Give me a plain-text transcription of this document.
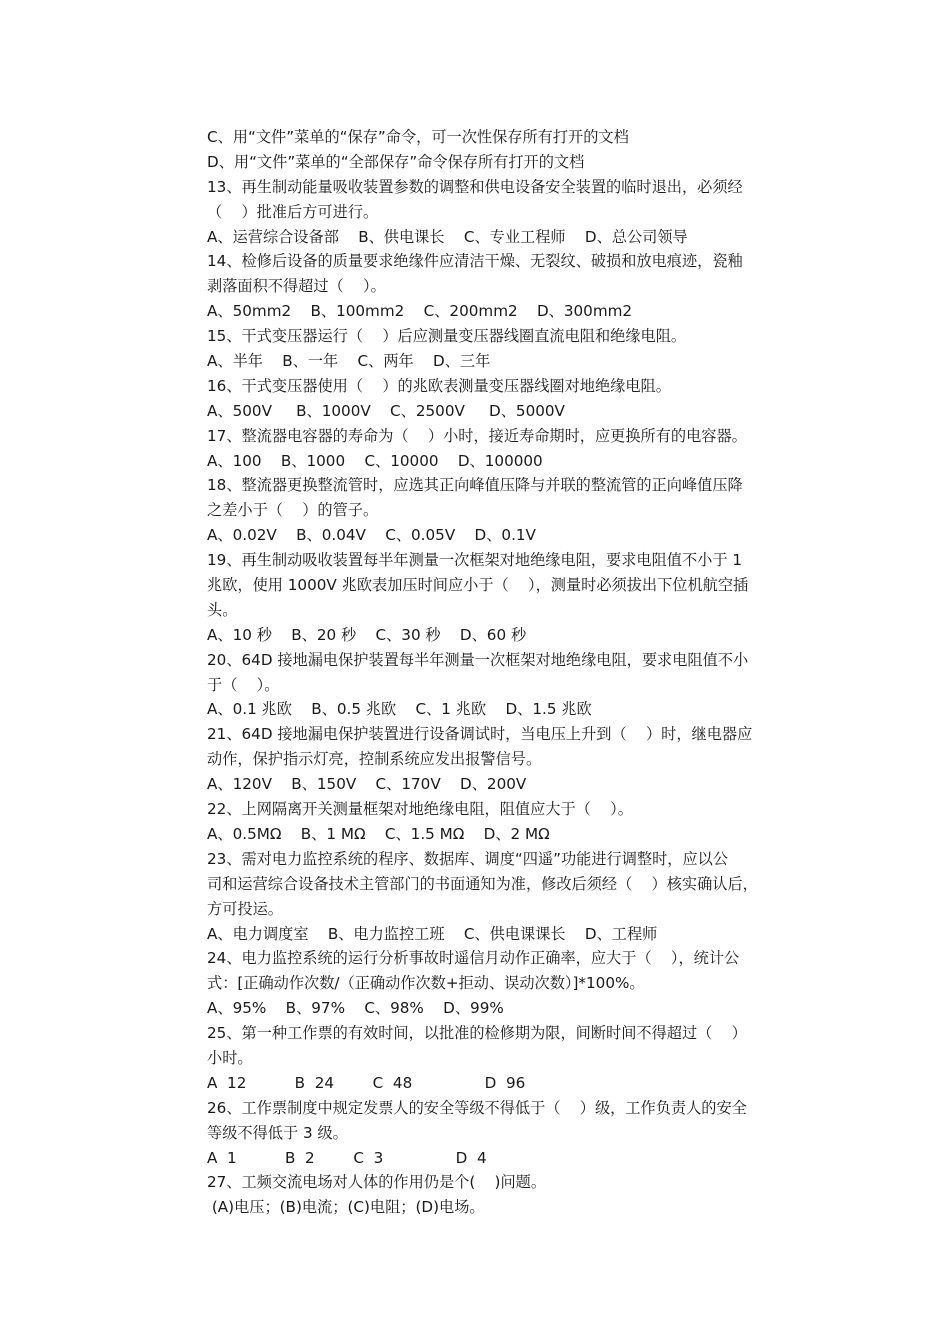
C、用“文件”菜单的“保存”命令，可一次性保存所有打开的文档
D、用“文件”菜单的“全部保存”命令保存所有打开的文档
13、再生制动能量吸收装置参数的调整和供电设备安全装置的临时退出，必须经
（    ）批准后方可进行。
A、运营综合设备部    B、供电课长    C、专业工程师    D、总公司领导
14、检修后设备的质量要求绝缘件应清洁干燥、无裂纹、破损和放电痕迹，瓷釉
剥落面积不得超过（    ）。
A、50mm2    B、100mm2    C、200mm2    D、300mm2
15、干式变压器运行（    ）后应测量变压器线圈直流电阻和绝缘电阻。
A、半年    B、一年    C、两年    D、三年
16、干式变压器使用（    ）的兆欧表测量变压器线圈对地绝缘电阻。
A、500V     B、1000V    C、2500V     D、5000V
17、整流器电容器的寿命为（    ）小时，接近寿命期时，应更换所有的电容器。
A、100    B、1000    C、10000    D、100000
18、整流器更换整流管时，应选其正向峰值压降与并联的整流管的正向峰值压降
之差小于（    ）的管子。
A、0.02V    B、0.04V    C、0.05V    D、0.1V
19、再生制动吸收装置每半年测量一次框架对地绝缘电阻，要求电阻值不小于 1
兆欧，使用 1000V 兆欧表加压时间应小于（    ），测量时必须拔出下位机航空插
头。
A、10 秒    B、20 秒    C、30 秒    D、60 秒
20、64D 接地漏电保护装置每半年测量一次框架对地绝缘电阻，要求电阻值不小
于（    ）。
A、0.1 兆欧    B、0.5 兆欧    C、1 兆欧    D、1.5 兆欧
21、64D 接地漏电保护装置进行设备调试时，当电压上升到（    ）时，继电器应
动作，保护指示灯亮，控制系统应发出报警信号。
A、120V    B、150V    C、170V    D、200V
22、上网隔离开关测量框架对地绝缘电阻，阻值应大于（    ）。
A、0.5MΩ    B、1 MΩ    C、1.5 MΩ    D、2 MΩ
23、需对电力监控系统的程序、数据库、调度“四遥”功能进行调整时，应以公
司和运营综合设备技术主管部门的书面通知为准，修改后须经（    ）核实确认后，
方可投运。
A、电力调度室    B、电力监控工班    C、供电课课长    D、工程师
24、电力监控系统的运行分析事故时遥信月动作正确率，应大于（    ），统计公
式：[正确动作次数/（正确动作次数+拒动、误动次数）]*100%。
A、95%    B、97%    C、98%    D、99%
25、第一种工作票的有效时间，以批准的检修期为限，间断时间不得超过（    ）
小时。
A  12          B  24        C  48               D  96
26、工作票制度中规定发票人的安全等级不得低于（    ）级，工作负责人的安全
等级不得低于 3 级。
A  1          B  2        C  3               D  4
27、工频交流电场对人体的作用仍是个(    )问题。
(A)电压；(B)电流；(C)电阻；(D)电场。
